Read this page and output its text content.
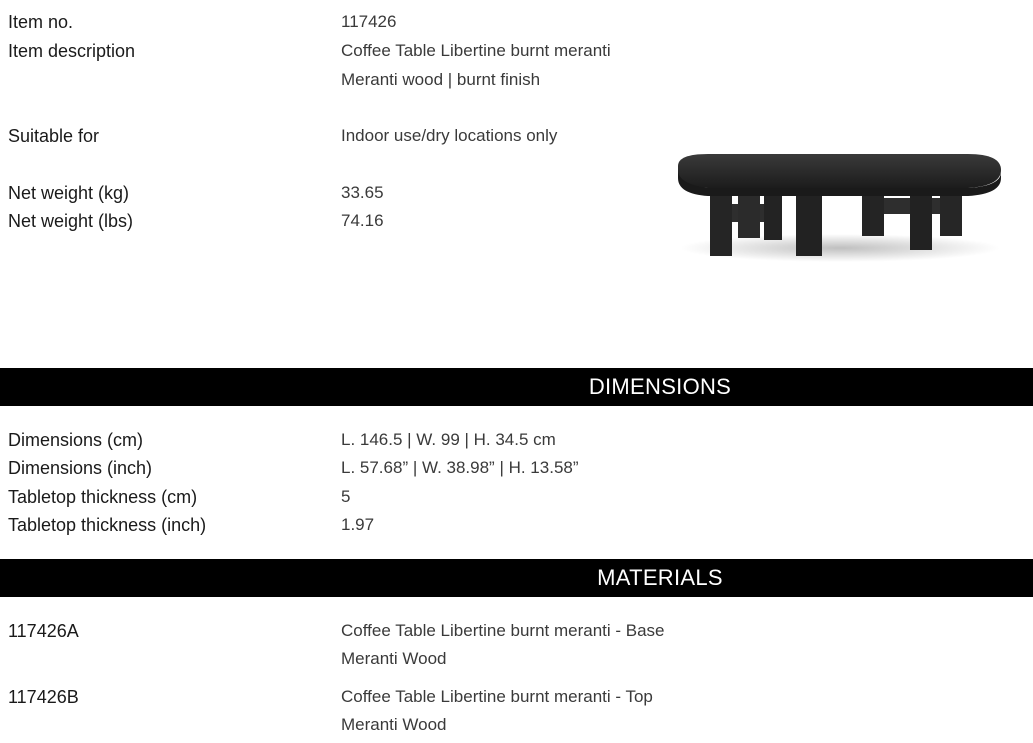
Item no.	117426
Item description	Coffee Table Libertine burnt meranti
Meranti wood | burnt finish
Suitable for	Indoor use/dry locations only
Net weight (kg)	33.65
Net weight (lbs)	74.16
DIMENSIONS
Dimensions (cm)	L. 146.5 | W. 99 | H. 34.5 cm
Dimensions (inch)	L. 57.68” | W. 38.98” | H. 13.58”
Tabletop thickness (cm)	5
Tabletop thickness (inch)	1.97
MATERIALS
117426A	Coffee Table Libertine burnt meranti - Base
Meranti Wood
117426B	Coffee Table Libertine burnt meranti - Top
Meranti Wood
